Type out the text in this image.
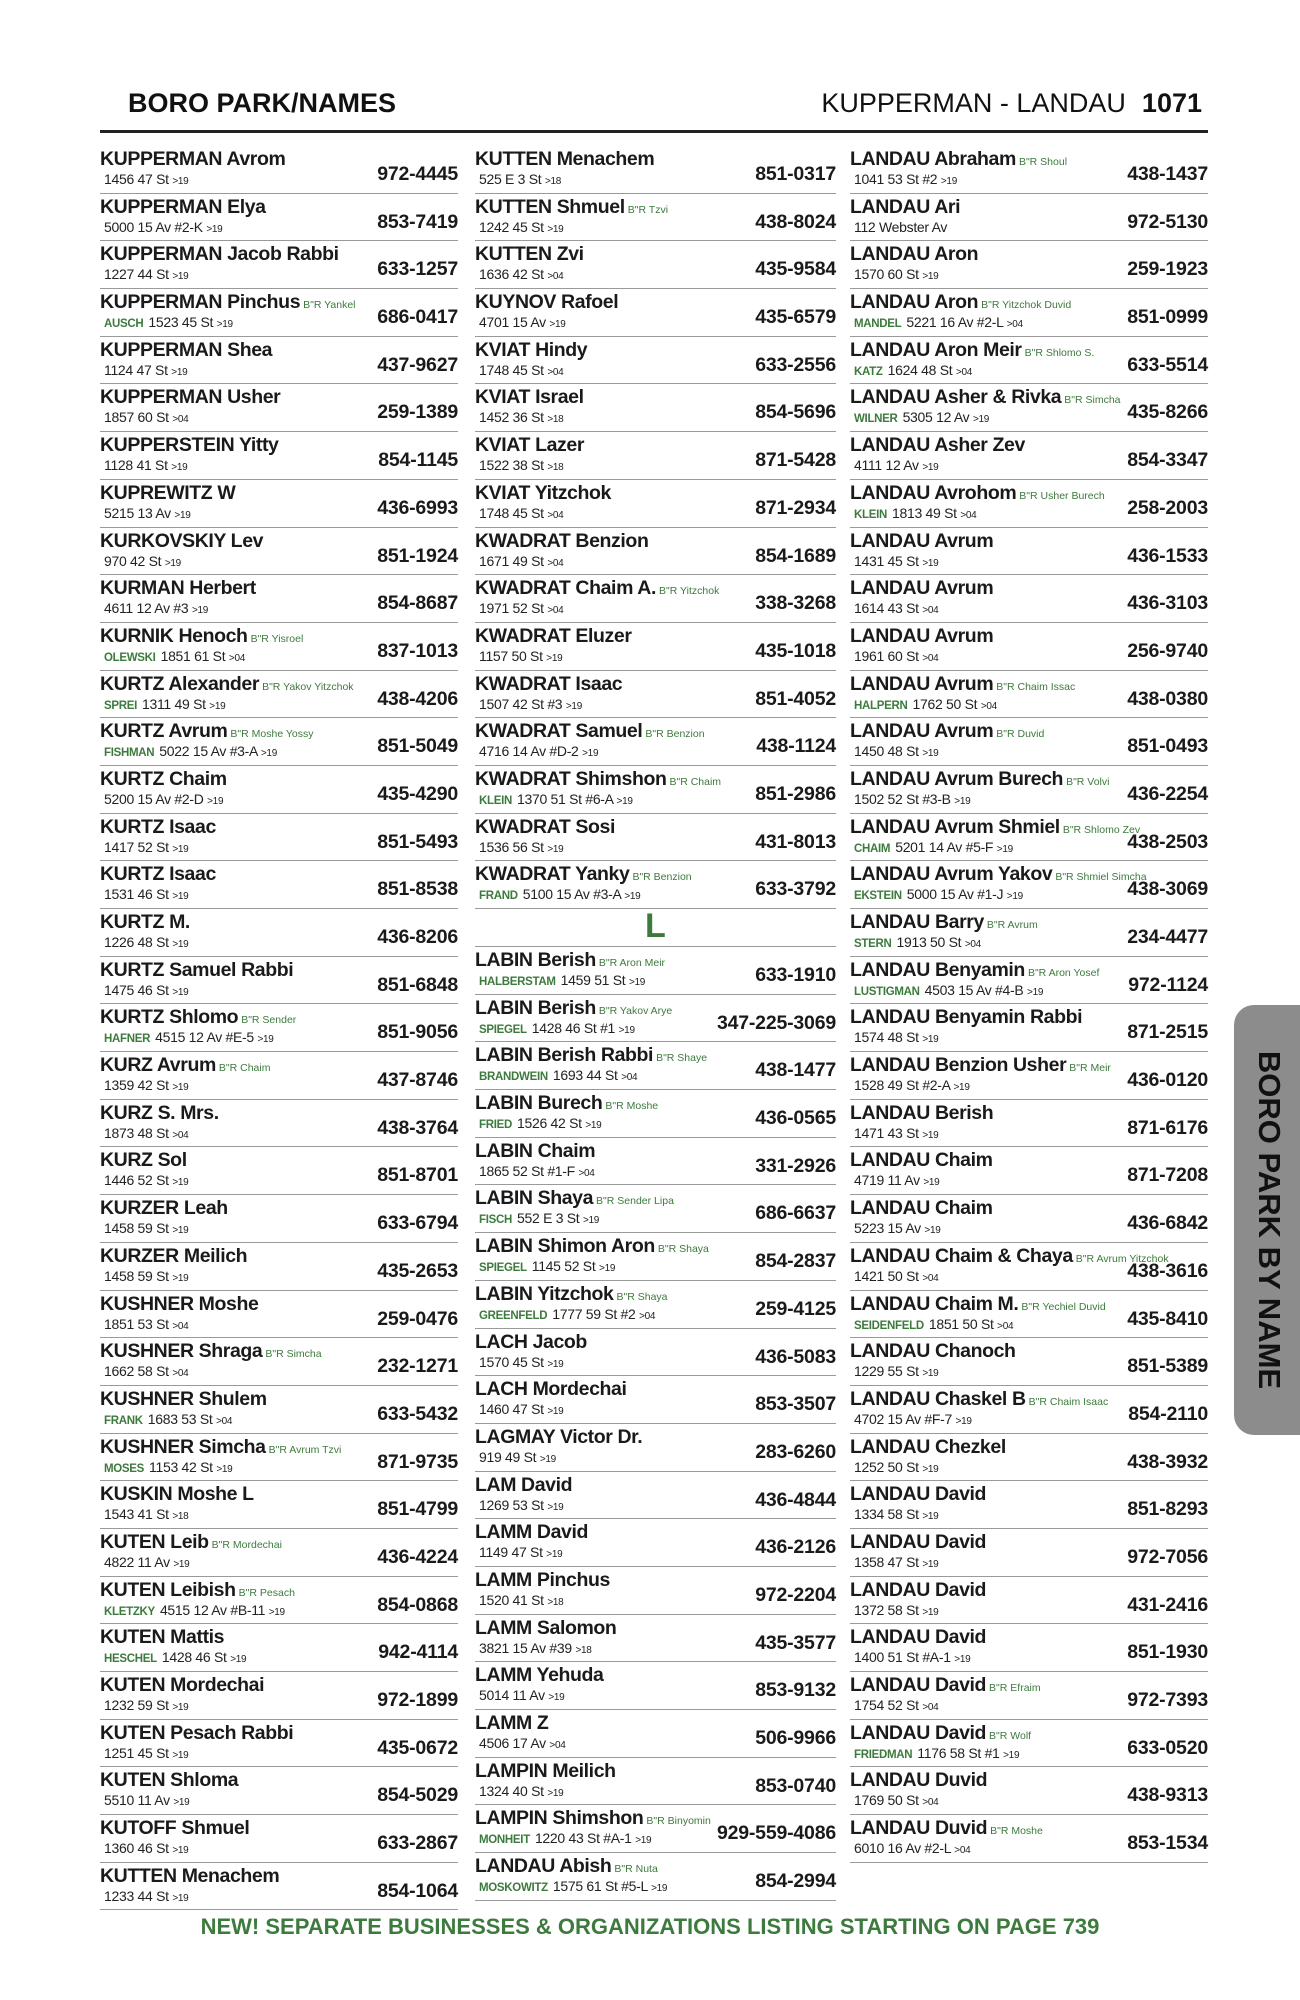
BORO PARK/NAMES	KUPPERMAN - LANDAU 1071
KUPPERMAN Avrom
1456 47 St >19	972-4445
KUPPERMAN Elya
5000 15 Av #2-K >19	853-7419
KUPPERMAN Jacob Rabbi
1227 44 St >19	633-1257
KUPPERMAN Pinchus B"R Yankel
AUSCH 1523 45 St >19	686-0417
KUPPERMAN Shea
1124 47 St >19	437-9627
KUPPERMAN Usher
1857 60 St >04	259-1389
KUPPERSTEIN Yitty
1128 41 St >19	854-1145
KUPREWITZ W
5215 13 Av >19	436-6993
KURKOVSKIY Lev
970 42 St >19	851-1924
KURMAN Herbert
4611 12 Av #3 >19	854-8687
KURNIK Henoch B"R Yisroel
OLEWSKI 1851 61 St >04	837-1013
KURTZ Alexander B"R Yakov Yitzchok
SPREI 1311 49 St >19	438-4206
KURTZ Avrum B"R Moshe Yossy
FISHMAN 5022 15 Av #3-A >19	851-5049
KURTZ Chaim
5200 15 Av #2-D >19	435-4290
KURTZ Isaac
1417 52 St >19	851-5493
KURTZ Isaac
1531 46 St >19	851-8538
KURTZ M.
1226 48 St >19	436-8206
KURTZ Samuel Rabbi
1475 46 St >19	851-6848
KURTZ Shlomo B"R Sender
HAFNER 4515 12 Av #E-5 >19	851-9056
KURZ Avrum B"R Chaim
1359 42 St >19	437-8746
KURZ S. Mrs.
1873 48 St >04	438-3764
KURZ Sol
1446 52 St >19	851-8701
KURZER Leah
1458 59 St >19	633-6794
KURZER Meilich
1458 59 St >19	435-2653
KUSHNER Moshe
1851 53 St >04	259-0476
KUSHNER Shraga B"R Simcha
1662 58 St >04	232-1271
KUSHNER Shulem
FRANK 1683 53 St >04	633-5432
KUSHNER Simcha B"R Avrum Tzvi
MOSES 1153 42 St >19	871-9735
KUSKIN Moshe L
1543 41 St >18	851-4799
KUTEN Leib B"R Mordechai
4822 11 Av >19	436-4224
KUTEN Leibish B"R Pesach
KLETZKY 4515 12 Av #B-11 >19	854-0868
KUTEN Mattis
HESCHEL 1428 46 St >19	942-4114
KUTEN Mordechai
1232 59 St >19	972-1899
KUTEN Pesach Rabbi
1251 45 St >19	435-0672
KUTEN Shloma
5510 11 Av >19	854-5029
KUTOFF Shmuel
1360 46 St >19	633-2867
KUTTEN Menachem
1233 44 St >19	854-1064
KUTTEN Menachem
525 E 3 St >18	851-0317
KUTTEN Shmuel B"R Tzvi
1242 45 St >19	438-8024
KUTTEN Zvi
1636 42 St >04	435-9584
KUYNOV Rafoel
4701 15 Av >19	435-6579
KVIAT Hindy
1748 45 St >04	633-2556
KVIAT Israel
1452 36 St >18	854-5696
KVIAT Lazer
1522 38 St >18	871-5428
KVIAT Yitzchok
1748 45 St >04	871-2934
KWADRAT Benzion
1671 49 St >04	854-1689
KWADRAT Chaim A. B"R Yitzchok
1971 52 St >04	338-3268
KWADRAT Eluzer
1157 50 St >19	435-1018
KWADRAT Isaac
1507 42 St #3 >19	851-4052
KWADRAT Samuel B"R Benzion
4716 14 Av #D-2 >19	438-1124
KWADRAT Shimshon B"R Chaim
KLEIN 1370 51 St #6-A >19	851-2986
KWADRAT Sosi
1536 56 St >19	431-8013
KWADRAT Yanky B"R Benzion
FRAND 5100 15 Av #3-A >19	633-3792
L
LABIN Berish B"R Aron Meir
HALBERSTAM 1459 51 St >19	633-1910
LABIN Berish B"R Yakov Arye
SPIEGEL 1428 46 St #1 >19	347-225-3069
LABIN Berish Rabbi B"R Shaye
BRANDWEIN 1693 44 St >04	438-1477
LABIN Burech B"R Moshe
FRIED 1526 42 St >19	436-0565
LABIN Chaim
1865 52 St #1-F >04	331-2926
LABIN Shaya B"R Sender Lipa
FISCH 552 E 3 St >19	686-6637
LABIN Shimon Aron B"R Shaya
SPIEGEL 1145 52 St >19	854-2837
LABIN Yitzchok B"R Shaya
GREENFELD 1777 59 St #2 >04	259-4125
LACH Jacob
1570 45 St >19	436-5083
LACH Mordechai
1460 47 St >19	853-3507
LAGMAY Victor Dr.
919 49 St >19	283-6260
LAM David
1269 53 St >19	436-4844
LAMM David
1149 47 St >19	436-2126
LAMM Pinchus
1520 41 St >18	972-2204
LAMM Salomon
3821 15 Av #39 >18	435-3577
LAMM Yehuda
5014 11 Av >19	853-9132
LAMM Z
4506 17 Av >04	506-9966
LAMPIN Meilich
1324 40 St >19	853-0740
LAMPIN Shimshon B"R Binyomin
MONHEIT 1220 43 St #A-1 >19	929-559-4086
LANDAU Abish B"R Nuta
MOSKOWITZ 1575 61 St #5-L >19	854-2994
LANDAU Abraham B"R Shoul
1041 53 St #2 >19	438-1437
LANDAU Ari
112 Webster Av	972-5130
LANDAU Aron
1570 60 St >19	259-1923
LANDAU Aron B"R Yitzchok Duvid
MANDEL 5221 16 Av #2-L >04	851-0999
LANDAU Aron Meir B"R Shlomo S.
KATZ 1624 48 St >04	633-5514
LANDAU Asher & Rivka B"R Simcha
WILNER 5305 12 Av >19	435-8266
LANDAU Asher Zev
4111 12 Av >19	854-3347
LANDAU Avrohom B"R Usher Burech
KLEIN 1813 49 St >04	258-2003
LANDAU Avrum
1431 45 St >19	436-1533
LANDAU Avrum
1614 43 St >04	436-3103
LANDAU Avrum
1961 60 St >04	256-9740
LANDAU Avrum B"R Chaim Issac
HALPERN 1762 50 St >04	438-0380
LANDAU Avrum B"R Duvid
1450 48 St >19	851-0493
LANDAU Avrum Burech B"R Volvi
1502 52 St #3-B >19	436-2254
LANDAU Avrum Shmiel B"R Shlomo Zev
CHAIM 5201 14 Av #5-F >19	438-2503
LANDAU Avrum Yakov B"R Shmiel Simcha
EKSTEIN 5000 15 Av #1-J >19	438-3069
LANDAU Barry B"R Avrum
STERN 1913 50 St >04	234-4477
LANDAU Benyamin B"R Aron Yosef
LUSTIGMAN 4503 15 Av #4-B >19	972-1124
LANDAU Benyamin Rabbi
1574 48 St >19	871-2515
LANDAU Benzion Usher B"R Meir
1528 49 St #2-A >19	436-0120
LANDAU Berish
1471 43 St >19	871-6176
LANDAU Chaim
4719 11 Av >19	871-7208
LANDAU Chaim
5223 15 Av >19	436-6842
LANDAU Chaim & Chaya B"R Avrum Yitzchok
1421 50 St >04	438-3616
LANDAU Chaim M. B"R Yechiel Duvid
SEIDENFELD 1851 50 St >04	435-8410
LANDAU Chanoch
1229 55 St >19	851-5389
LANDAU Chaskel B B"R Chaim Isaac
4702 15 Av #F-7 >19	854-2110
LANDAU Chezkel
1252 50 St >19	438-3932
LANDAU David
1334 58 St >19	851-8293
LANDAU David
1358 47 St >19	972-7056
LANDAU David
1372 58 St >19	431-2416
LANDAU David
1400 51 St #A-1 >19	851-1930
LANDAU David B"R Efraim
1754 52 St >04	972-7393
LANDAU David B"R Wolf
FRIEDMAN 1176 58 St #1 >19	633-0520
LANDAU Duvid
1769 50 St >04	438-9313
LANDAU Duvid B"R Moshe
6010 16 Av #2-L >04	853-1534
BORO PARK BY NAME
NEW! SEPARATE BUSINESSES & ORGANIZATIONS LISTING STARTING ON PAGE 739
